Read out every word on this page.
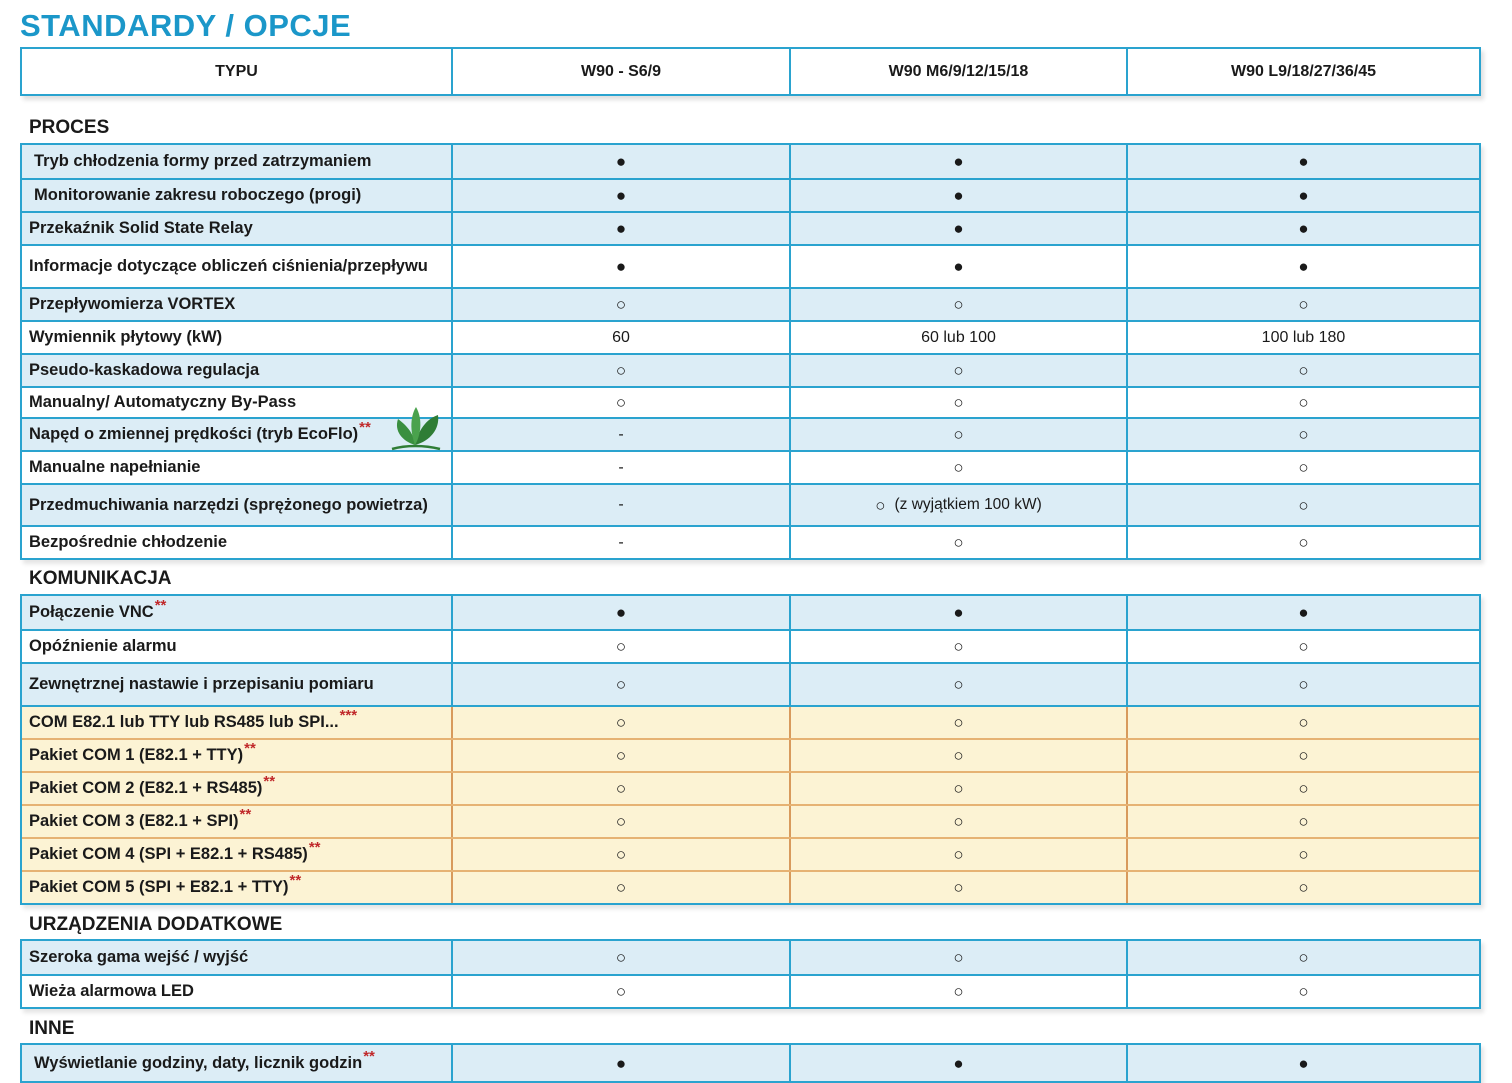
STANDARDY / OPCJE
TYPU	W90 - S6/9	W90 M6/9/12/15/18	W90 L9/18/27/36/45
PROCES
Tryb chłodzenia formy przed zatrzymaniem	●	●	●
Monitorowanie zakresu roboczego (progi)	●	●	●
Przekaźnik Solid State Relay	●	●	●
Informacje dotyczące obliczeń ciśnienia/przepływu	●	●	●
Przepływomierza VORTEX	○	○	○
Wymiennik płytowy (kW)	60	60 lub 100	100 lub 180
Pseudo-kaskadowa regulacja	○	○	○
Manualny/ Automatyczny By-Pass	○	○	○
Napęd o zmiennej prędkości (tryb EcoFlo) **	-	○	○
Manualne napełnianie	-	○	○
Przedmuchiwania narzędzi (sprężonego powietrza)	-	○ (z wyjątkiem 100 kW)	○
Bezpośrednie chłodzenie	-	○	○
KOMUNIKACJA
Połączenie VNC **	●	●	●
Opóźnienie alarmu	○	○	○
Zewnętrznej nastawie i przepisaniu pomiaru	○	○	○
COM E82.1 lub TTY lub RS485 lub SPI... ***	○	○	○
Pakiet COM 1 (E82.1 + TTY) **	○	○	○
Pakiet COM 2 (E82.1 + RS485) **	○	○	○
Pakiet COM 3 (E82.1 + SPI) **	○	○	○
Pakiet COM 4 (SPI + E82.1 + RS485) **	○	○	○
Pakiet COM 5 (SPI + E82.1 + TTY) **	○	○	○
URZĄDZENIA DODATKOWE
Szeroka gama wejść / wyjść	○	○	○
Wieża alarmowa LED	○	○	○
INNE
Wyświetlanie godziny, daty, licznik godzin **	●	●	●
